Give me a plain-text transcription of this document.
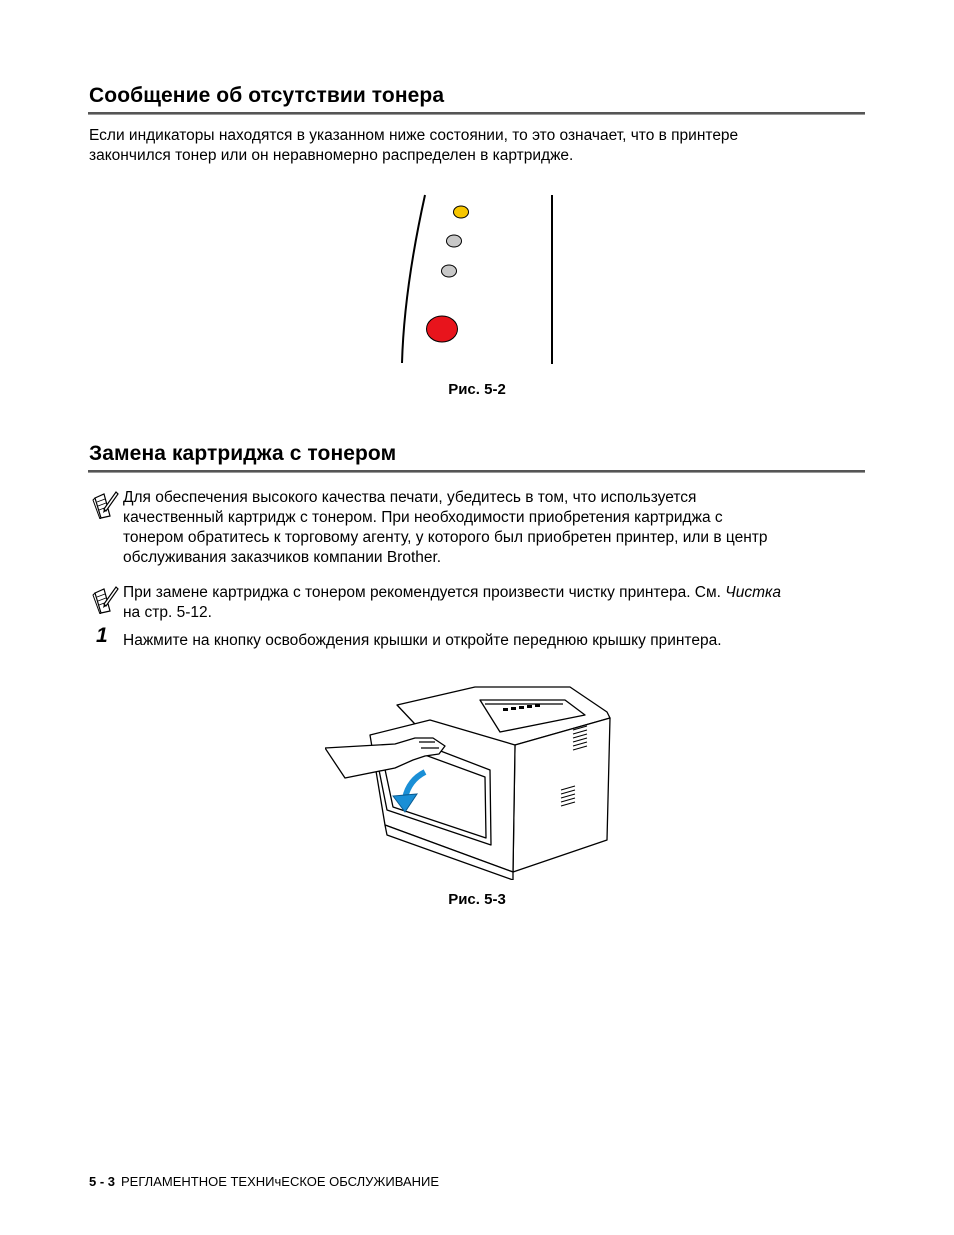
Сообщение об отсутствии тонера
Если индикаторы находятся в указанном ниже состоянии, то это означает, что в принтере
закончился тонер или он неравномерно распределен в картридже.
Рис. 5-2
Замена картриджа с тонером
Для обеспечения высокого качества печати, убедитесь в том, что используется
качественный картридж с тонером. При необходимости приобретения картриджа с
тонером обратитесь к торговому агенту, у которого был приобретен принтер, или в центр
обслуживания заказчиков компании Brother.
При замене картриджа с тонером рекомендуется произвести чистку принтера. См. Чистка
на стр. 5-12.
1 Нажмите на кнопку освобождения крышки и откройте переднюю крышку принтера.
Рис. 5-3
5 - 3 РЕГЛАМЕНТНОЕ ТЕХНИчЕСКОЕ ОБСЛУЖИВАНИЕ
